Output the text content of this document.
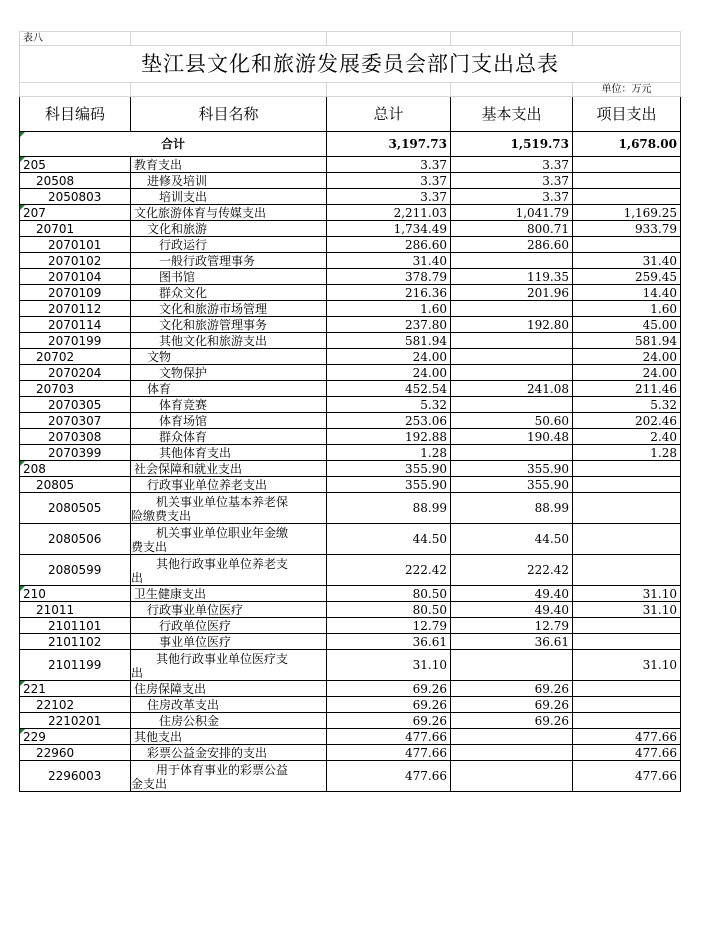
表八				
垫江县文化和旅游发展委员会部门支出总表				
				单位：万元
科目编码	科目名称	总计	基本支出	项目支出
合计		3,197.73	1,519.73	1,678.00
205	教育支出	3.37	3.37	
20508	进修及培训	3.37	3.37	
2050803	培训支出	3.37	3.37	
207	文化旅游体育与传媒支出	2,211.03	1,041.79	1,169.25
20701	文化和旅游	1,734.49	800.71	933.79
2070101	行政运行	286.60	286.60	
2070102	一般行政管理事务	31.40		31.40
2070104	图书馆	378.79	119.35	259.45
2070109	群众文化	216.36	201.96	14.40
2070112	文化和旅游市场管理	1.60		1.60
2070114	文化和旅游管理事务	237.80	192.80	45.00
2070199	其他文化和旅游支出	581.94		581.94
20702	文物	24.00		24.00
2070204	文物保护	24.00		24.00
20703	体育	452.54	241.08	211.46
2070305	体育竞赛	5.32		5.32
2070307	体育场馆	253.06	50.60	202.46
2070308	群众体育	192.88	190.48	2.40
2070399	其他体育支出	1.28		1.28
208	社会保障和就业支出	355.90	355.90	
20805	行政事业单位养老支出	355.90	355.90	
2080505	机关事业单位基本养老保
险缴费支出	88.99	88.99	
2080506	机关事业单位职业年金缴
费支出	44.50	44.50	
2080599	其他行政事业单位养老支
出	222.42	222.42	
210	卫生健康支出	80.50	49.40	31.10
21011	行政事业单位医疗	80.50	49.40	31.10
2101101	行政单位医疗	12.79	12.79	
2101102	事业单位医疗	36.61	36.61	
2101199	其他行政事业单位医疗支
出	31.10		31.10
221	住房保障支出	69.26	69.26	
22102	住房改革支出	69.26	69.26	
2210201	住房公积金	69.26	69.26	
229	其他支出	477.66		477.66
22960	彩票公益金安排的支出	477.66		477.66
2296003	用于体育事业的彩票公益
金支出	477.66		477.66
